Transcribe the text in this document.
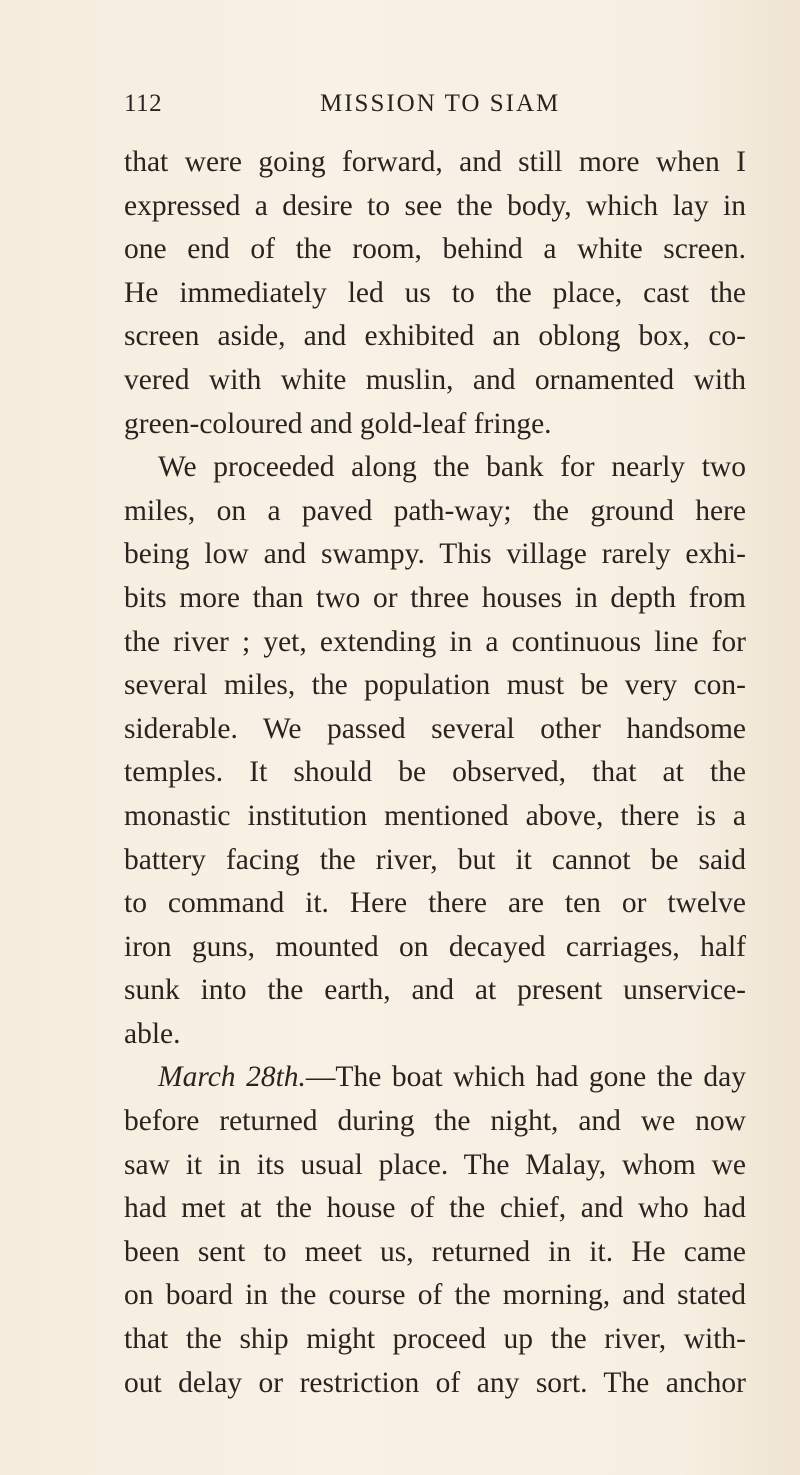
112	MISSION TO SIAM
that were going forward, and still more when I
expressed a desire to see the body, which lay in
one end of the room, behind a white screen.
He immediately led us to the place, cast the
screen aside, and exhibited an oblong box, co-
vered with white muslin, and ornamented with
green-coloured and gold-leaf fringe.
We proceeded along the bank for nearly two
miles, on a paved path-way; the ground here
being low and swampy. This village rarely exhi-
bits more than two or three houses in depth from
the river ; yet, extending in a continuous line for
several miles, the population must be very con-
siderable. We passed several other handsome
temples. It should be observed, that at the
monastic institution mentioned above, there is a
battery facing the river, but it cannot be said
to command it. Here there are ten or twelve
iron guns, mounted on decayed carriages, half
sunk into the earth, and at present unservice-
able.
March 28th.—The boat which had gone the day
before returned during the night, and we now
saw it in its usual place. The Malay, whom we
had met at the house of the chief, and who had
been sent to meet us, returned in it. He came
on board in the course of the morning, and stated
that the ship might proceed up the river, with-
out delay or restriction of any sort. The anchor
